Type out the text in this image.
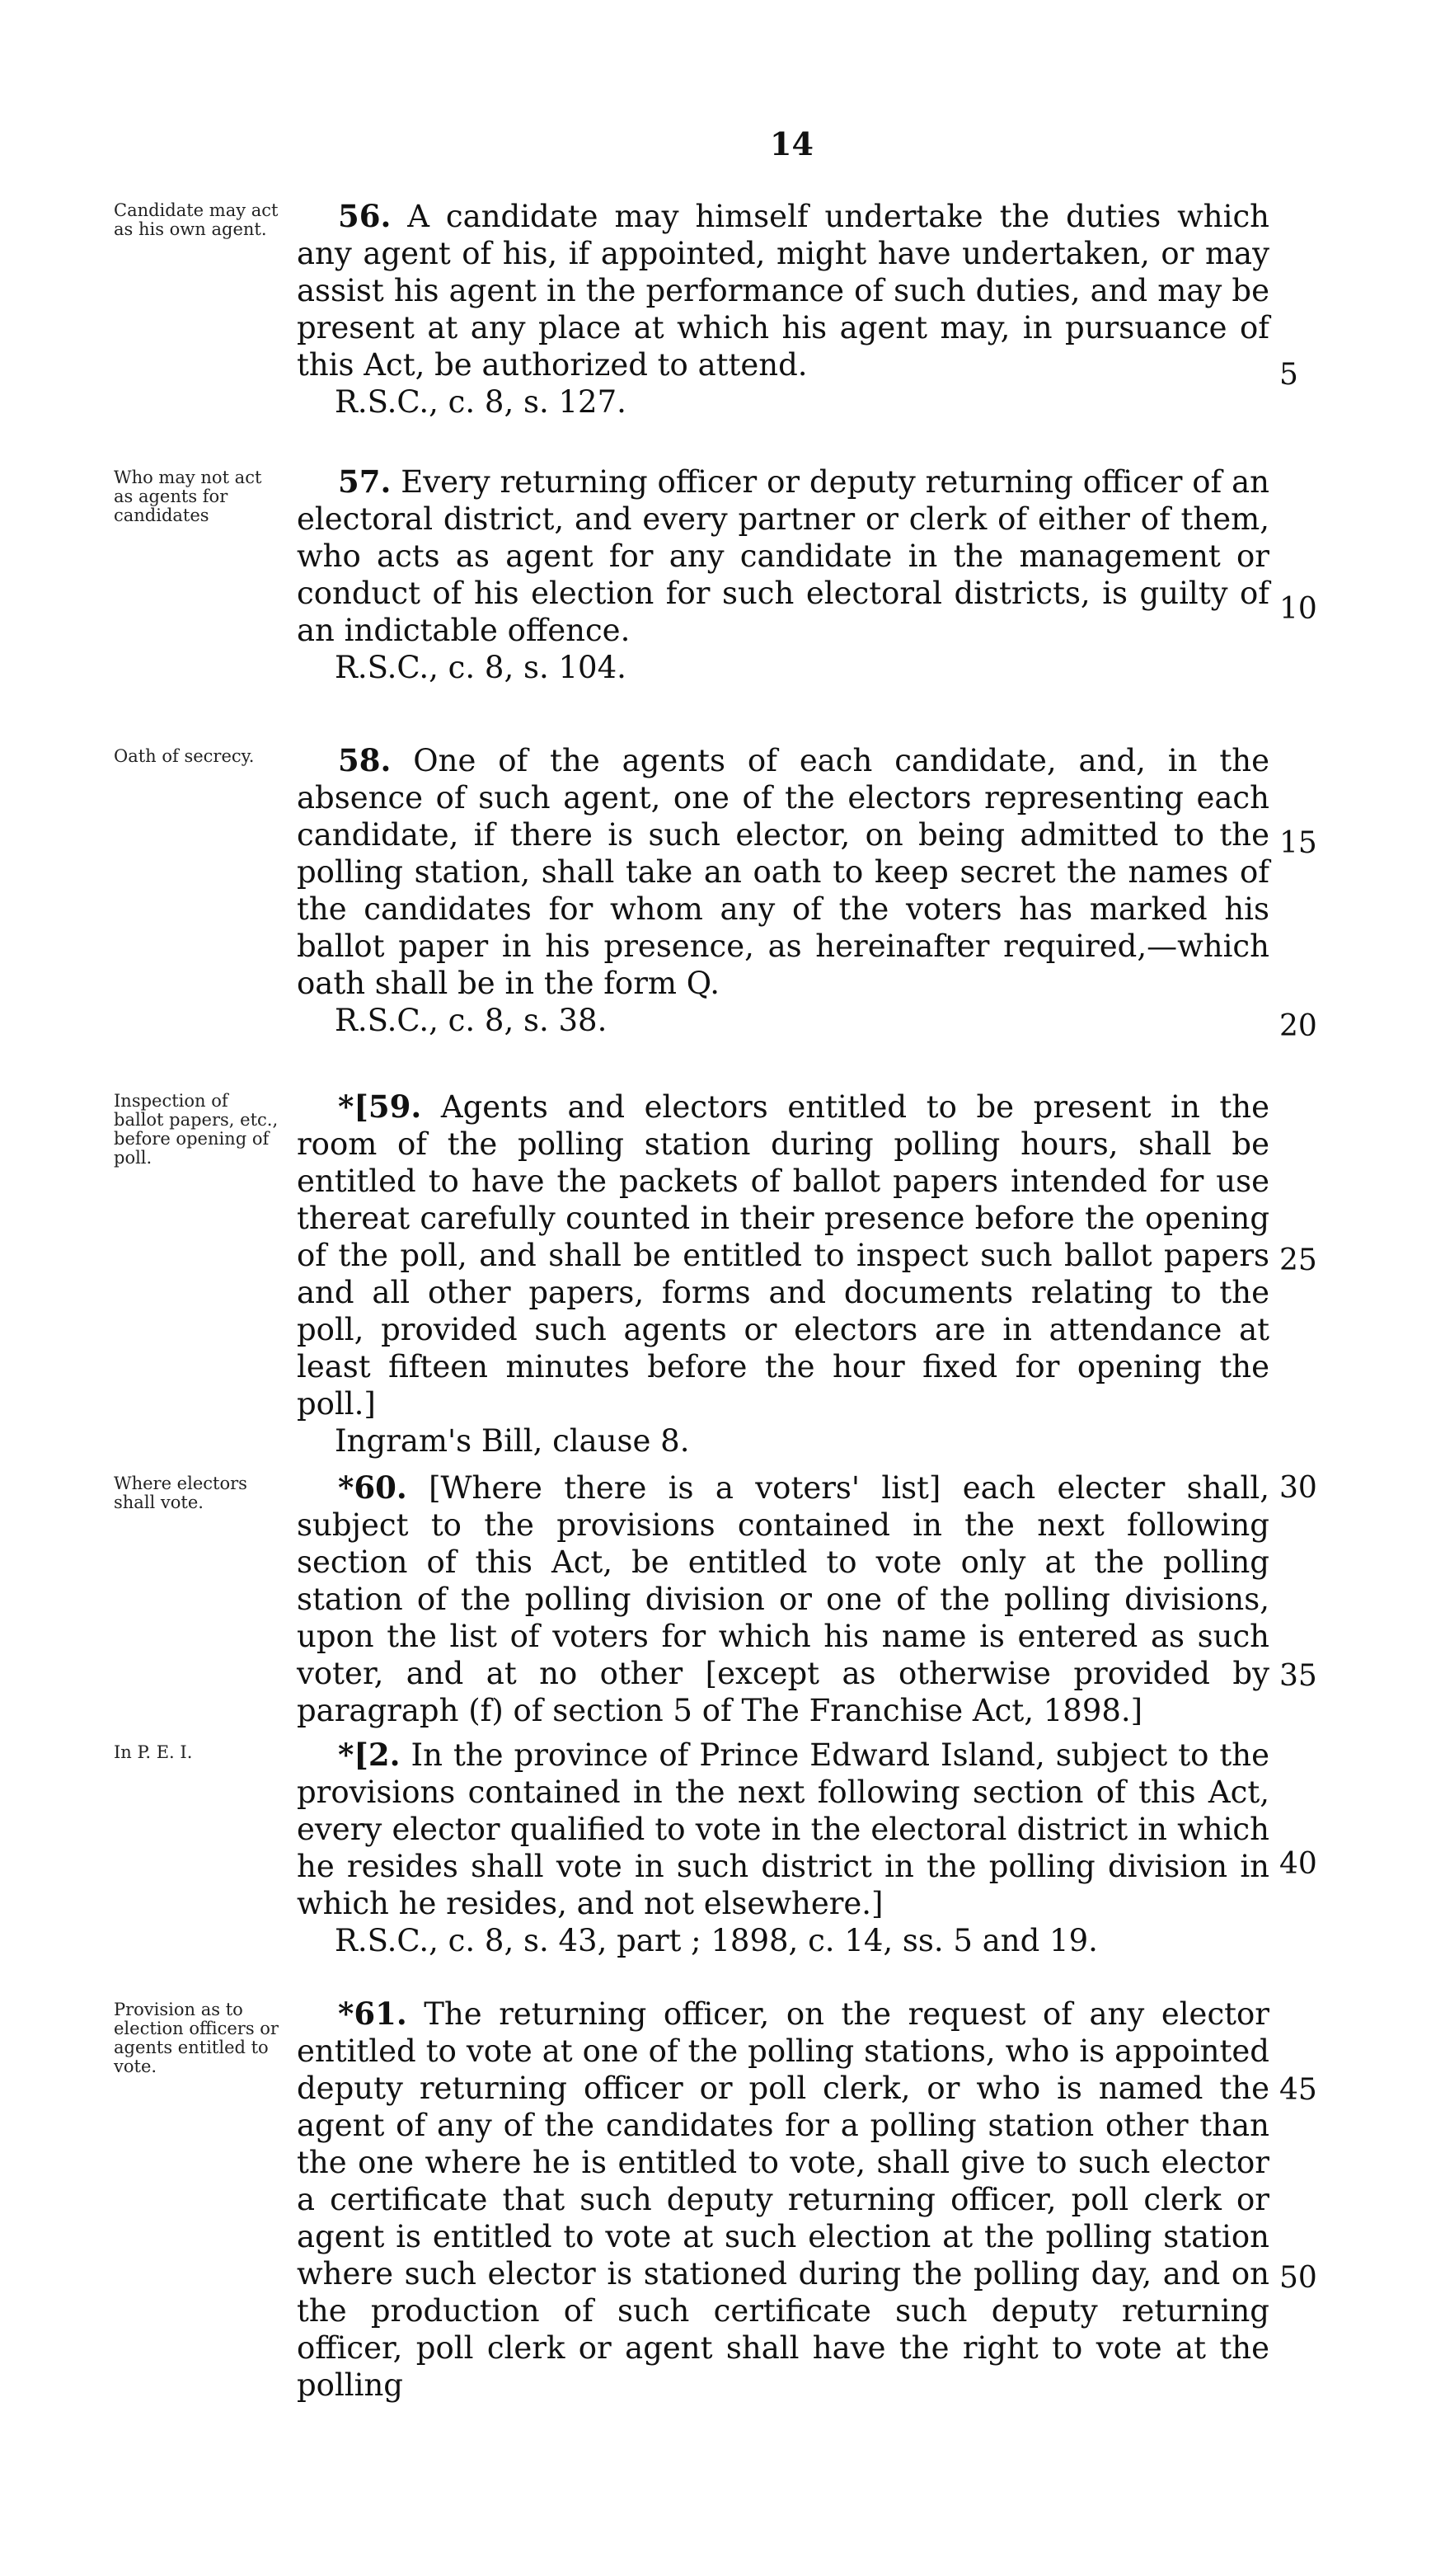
14
Candidate may act as his own agent.	56. A candidate may himself undertake the duties which any agent of his, if appointed, might have undertaken, or may assist his agent in the performance of such duties, and may be present at any place at which his agent may, in pursuance of this Act, be authorized to attend.

R.S.C., c. 8, s. 127.
Who may not act as agents for candidates

57. Every returning officer or deputy returning officer of an electoral district, and every partner or clerk of either of them, who acts as agent for any candidate in the management or conduct of his election for such electoral districts, is guilty of an indictable offence.

R.S.C., c. 8, s. 104.
Oath of secrecy.	58. One of the agents of each candidate, and, in the absence of such agent, one of the electors representing each candidate, if there is such elector, on being admitted to the polling station, shall take an oath to keep secret the names of the candidates for whom any of the voters has marked his ballot paper in his presence, as hereinafter required,—which oath shall be in the form Q.

R.S.C., c. 8, s. 38.
Inspection of ballot papers, etc., before opening of poll.

*[59. Agents and electors entitled to be present in the room of the polling station during polling hours, shall be entitled to have the packets of ballot papers intended for use thereat carefully counted in their presence before the opening of the poll, and shall be entitled to inspect such ballot papers and all other papers, forms and documents relating to the poll, provided such agents or electors are in attendance at least fifteen minutes before the hour fixed for opening the poll.]

Ingram's Bill, clause 8.
Where electors shall vote.	*60. [Where there is a voters' list] each electer shall, subject to the provisions contained in the next following section of this Act, be entitled to vote only at the polling station of the polling division or one of the polling divisions, upon the list of voters for which his name is entered as such voter, and at no other [except as otherwise provided by paragraph (f) of section 5 of The Franchise Act, 1898.]

In P. E. I.	*[2. In the province of Prince Edward Island, subject to the provisions contained in the next following section of this Act, every elector qualified to vote in the electoral district in which he resides shall vote in such district in the polling division in which he resides, and not elsewhere.]

R.S.C., c. 8, s. 43, part ; 1898, c. 14, ss. 5 and 19.
Provision as to election officers or agents entitled to vote.

*61. The returning officer, on the request of any elector entitled to vote at one of the polling stations, who is appointed deputy returning officer or poll clerk, or who is named the agent of any of the candidates for a polling station other than the one where he is entitled to vote, shall give to such elector a certificate that such deputy returning officer, poll clerk or agent is entitled to vote at such election at the polling station where such elector is stationed during the polling day, and on the production of such certificate such deputy returning officer, poll clerk or agent shall have the right to vote at the polling

5
10
15
20
25
30
35
40
45
50
